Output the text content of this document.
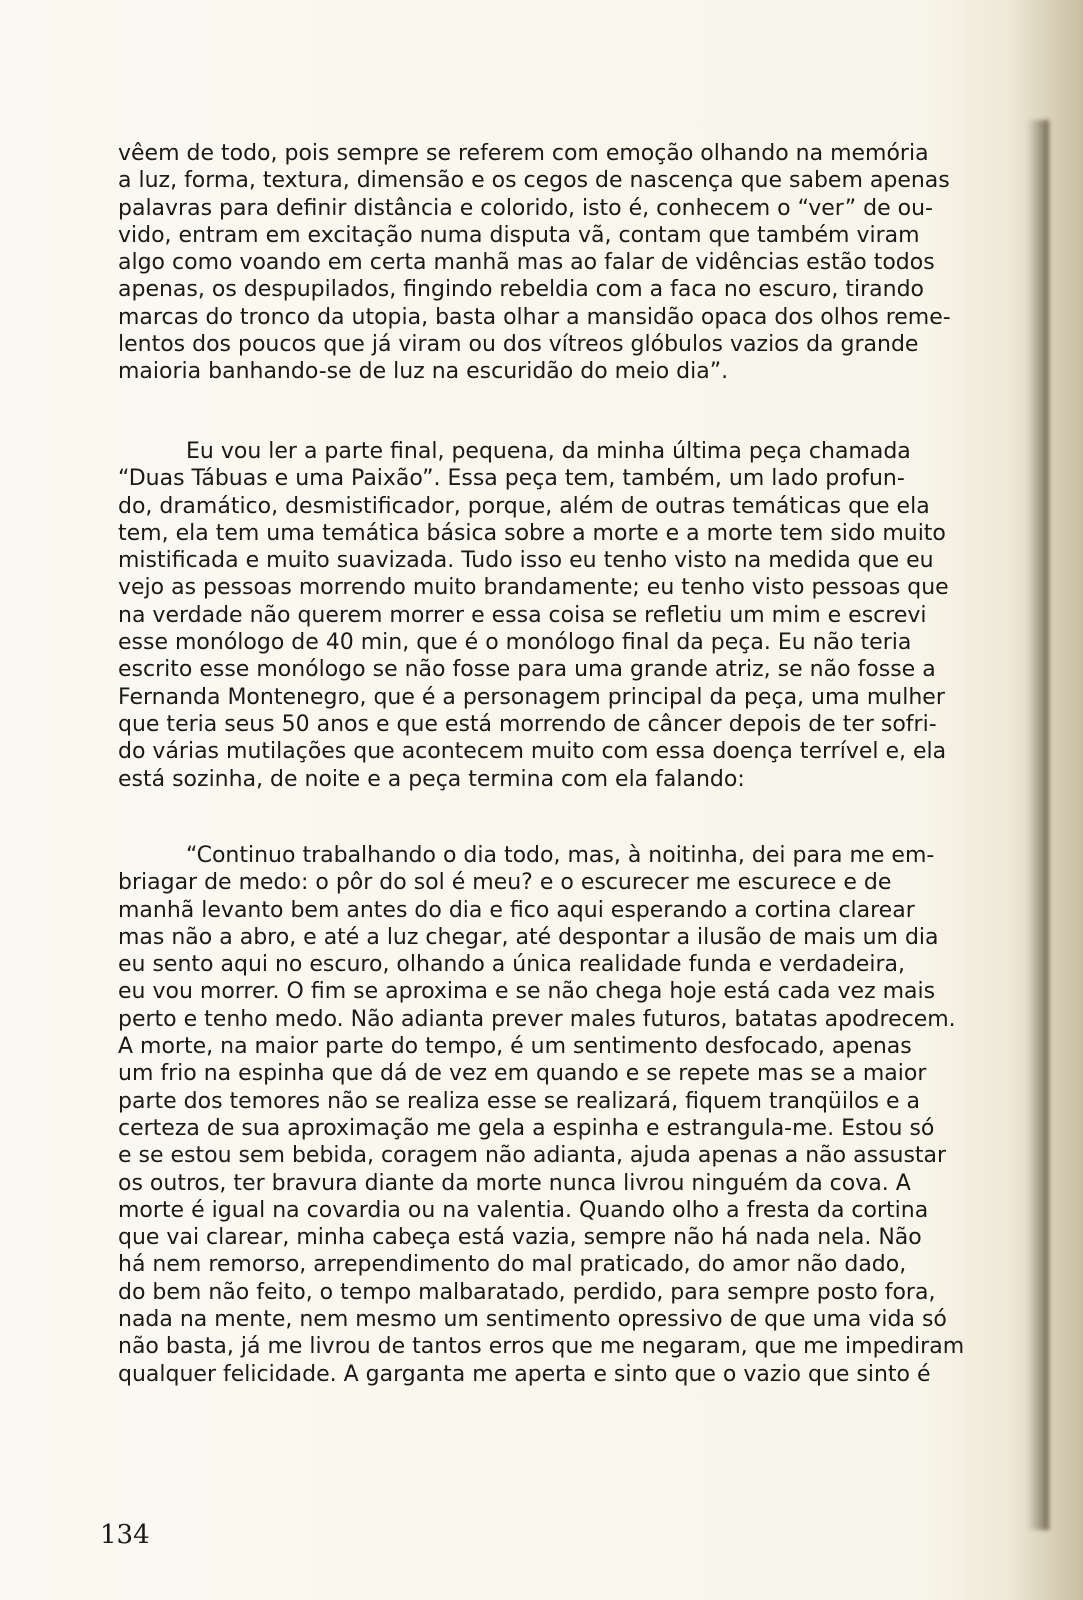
vêem de todo, pois sempre se referem com emoção olhando na memória
a luz, forma, textura, dimensão e os cegos de nascença que sabem apenas
palavras para definir distância e colorido, isto é, conhecem o “ver” de ou-
vido, entram em excitação numa disputa vã, contam que também viram
algo como voando em certa manhã mas ao falar de vidências estão todos
apenas, os despupilados, fingindo rebeldia com a faca no escuro, tirando
marcas do tronco da utopia, basta olhar a mansidão opaca dos olhos reme-
lentos dos poucos que já viram ou dos vítreos glóbulos vazios da grande
maioria banhando-se de luz na escuridão do meio dia”.
Eu vou ler a parte final, pequena, da minha última peça chamada
“Duas Tábuas e uma Paixão”. Essa peça tem, também, um lado profun-
do, dramático, desmistificador, porque, além de outras temáticas que ela
tem, ela tem uma temática básica sobre a morte e a morte tem sido muito
mistificada e muito suavizada. Tudo isso eu tenho visto na medida que eu
vejo as pessoas morrendo muito brandamente; eu tenho visto pessoas que
na verdade não querem morrer e essa coisa se refletiu um mim e escrevi
esse monólogo de 40 min, que é o monólogo final da peça. Eu não teria
escrito esse monólogo se não fosse para uma grande atriz, se não fosse a
Fernanda Montenegro, que é a personagem principal da peça, uma mulher
que teria seus 50 anos e que está morrendo de câncer depois de ter sofri-
do várias mutilações que acontecem muito com essa doença terrível e, ela
está sozinha, de noite e a peça termina com ela falando:
“Continuo trabalhando o dia todo, mas, à noitinha, dei para me em-
briagar de medo: o pôr do sol é meu? e o escurecer me escurece e de
manhã levanto bem antes do dia e fico aqui esperando a cortina clarear
mas não a abro, e até a luz chegar, até despontar a ilusão de mais um dia
eu sento aqui no escuro, olhando a única realidade funda e verdadeira,
eu vou morrer. O fim se aproxima e se não chega hoje está cada vez mais
perto e tenho medo. Não adianta prever males futuros, batatas apodrecem.
A morte, na maior parte do tempo, é um sentimento desfocado, apenas
um frio na espinha que dá de vez em quando e se repete mas se a maior
parte dos temores não se realiza esse se realizará, fiquem tranqüilos e a
certeza de sua aproximação me gela a espinha e estrangula-me. Estou só
e se estou sem bebida, coragem não adianta, ajuda apenas a não assustar
os outros, ter bravura diante da morte nunca livrou ninguém da cova. A
morte é igual na covardia ou na valentia. Quando olho a fresta da cortina
que vai clarear, minha cabeça está vazia, sempre não há nada nela. Não
há nem remorso, arrependimento do mal praticado, do amor não dado,
do bem não feito, o tempo malbaratado, perdido, para sempre posto fora,
nada na mente, nem mesmo um sentimento opressivo de que uma vida só
não basta, já me livrou de tantos erros que me negaram, que me impediram
qualquer felicidade. A garganta me aperta e sinto que o vazio que sinto é
134
